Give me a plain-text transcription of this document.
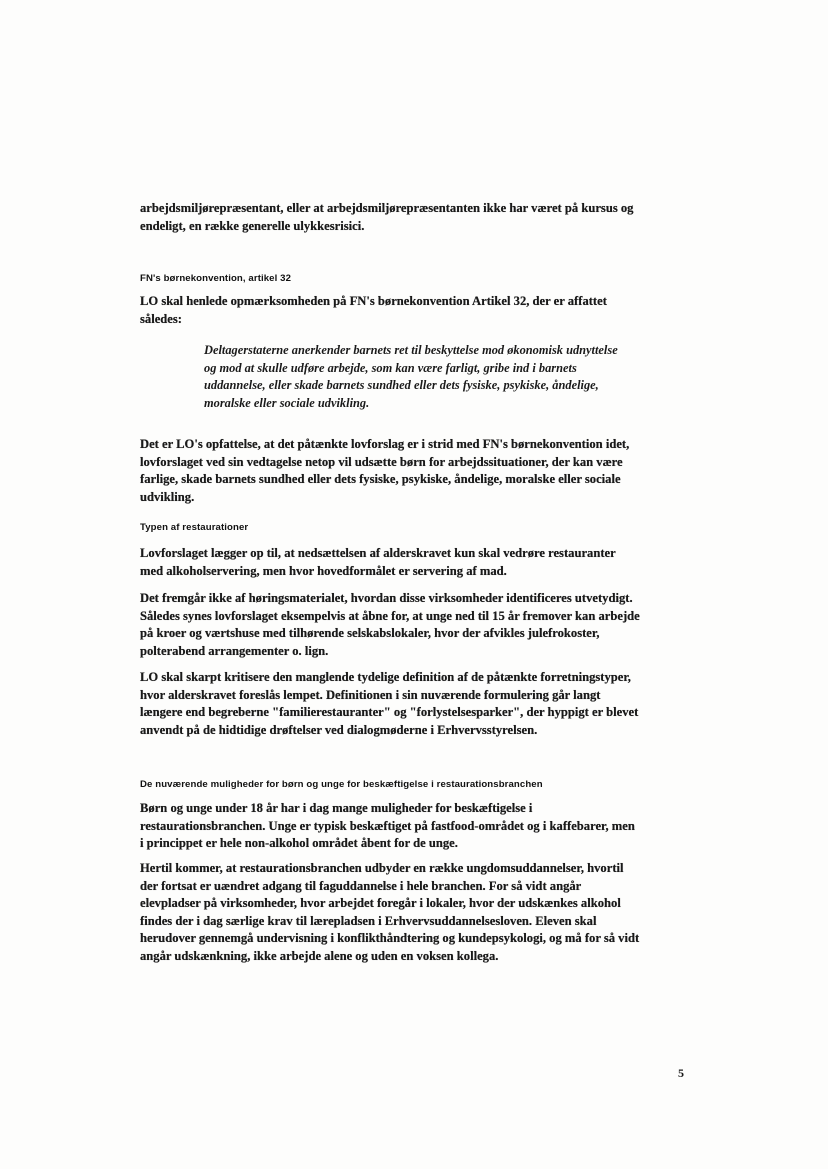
arbejdsmiljørepræsentant, eller at arbejdsmiljørepræsentanten ikke har været på kursus og endeligt, en række generelle ulykkesrisici.

FN's børnekonvention, artikel 32

LO skal henlede opmærksomheden på FN's børnekonvention Artikel 32, der er affattet således:

Deltagerstaterne anerkender barnets ret til beskyttelse mod økonomisk udnyttelse og mod at skulle udføre arbejde, som kan være farligt, gribe ind i barnets uddannelse, eller skade barnets sundhed eller dets fysiske, psykiske, åndelige, moralske eller sociale udvikling.

Det er LO's opfattelse, at det påtænkte lovforslag er i strid med FN's børnekonvention idet, lovforslaget ved sin vedtagelse netop vil udsætte børn for arbejdssituationer, der kan være farlige, skade barnets sundhed eller dets fysiske, psykiske, åndelige, moralske eller sociale udvikling.

Typen af restaurationer

Lovforslaget lægger op til, at nedsættelsen af alderskravet kun skal vedrøre restauranter med alkoholservering, men hvor hovedformålet er servering af mad.

Det fremgår ikke af høringsmaterialet, hvordan disse virksomheder identificeres utvetydigt. Således synes lovforslaget eksempelvis at åbne for, at unge ned til 15 år fremover kan arbejde på kroer og værtshuse med tilhørende selskabslokaler, hvor der afvikles julefrokoster, polterabend arrangementer o. lign.

LO skal skarpt kritisere den manglende tydelige definition af de påtænkte forretningstyper, hvor alderskravet foreslås lempet. Definitionen i sin nuværende formulering går langt længere end begreberne "familierestauranter" og "forlystelsesparker", der hyppigt er blevet anvendt på de hidtidige drøftelser ved dialogmøderne i Erhvervsstyrelsen.

De nuværende muligheder for børn og unge for beskæftigelse i restaurationsbranchen

Børn og unge under 18 år har i dag mange muligheder for beskæftigelse i restaurationsbranchen. Unge er typisk beskæftiget på fastfood-området og i kaffebarer, men i princippet er hele non-alkohol området åbent for de unge.

Hertil kommer, at restaurationsbranchen udbyder en række ungdomsuddannelser, hvortil der fortsat er uændret adgang til faguddannelse i hele branchen. For så vidt angår elevpladser på virksomheder, hvor arbejdet foregår i lokaler, hvor der udskænkes alkohol findes der i dag særlige krav til lærepladsen i Erhvervsuddannelsesloven. Eleven skal herudover gennemgå undervisning i konflikthåndtering og kundepsykologi, og må for så vidt angår udskænkning, ikke arbejde alene og uden en voksen kollega.

5
